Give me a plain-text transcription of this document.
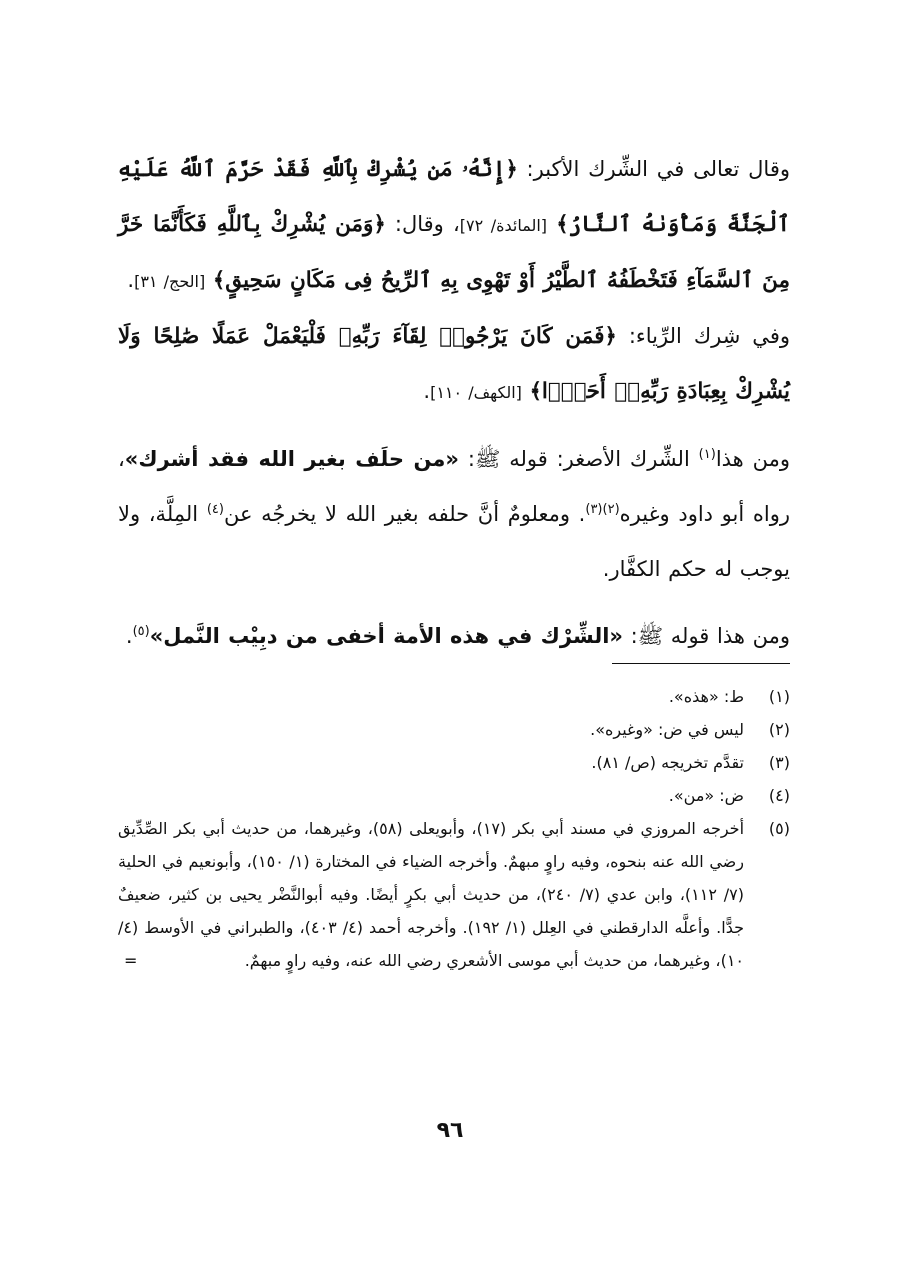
وقال تعالى في الشِّرك الأكبر: ﴿إِنَّهُۥ مَن يُشْرِكْ بِٱللَّهِ فَقَدْ حَرَّمَ ٱللَّهُ عَلَيْهِ ٱلْجَنَّةَ وَمَأْوَىٰهُ ٱلنَّارُ﴾ [المائدة/ ٧٢]، وقال: ﴿وَمَن يُشْرِكْ بِٱللَّهِ فَكَأَنَّمَا خَرَّ مِنَ ٱلسَّمَآءِ فَتَخْطَفُهُ ٱلطَّيْرُ أَوْ تَهْوِى بِهِ ٱلرِّيحُ فِى مَكَانٍ سَحِيقٍ﴾ [الحج/ ٣١].

وفي شِرك الرِّياء: ﴿فَمَن كَانَ يَرْجُوا۟ لِقَآءَ رَبِّهِۦ فَلْيَعْمَلْ عَمَلًا صَٰلِحًا وَلَا يُشْرِكْ بِعِبَادَةِ رَبِّهِۦٓ أَحَدًۢا﴾ [الكهف/ ١١٠].

ومن هذا$^{(١)}$ الشِّرك الأصغر: قوله ﷺ: «من حلَف بغير الله فقد أشرك»، رواه أبو داود وغيره$^{(٢)(٣)}$. ومعلومٌ أنَّ حلفه بغير الله لا يخرجُه عن$^{(٤)}$ المِلَّة، ولا يوجب له حكم الكفَّار.

ومن هذا قوله ﷺ: «الشِّرْك في هذه الأمة أخفى من دبِيْب النَّمل»$^{(٥)}$.

(١)
ط: «هذه».
(٢)
ليس في ض: «وغيره».
(٣)
تقدَّم تخريجه (ص/ ٨١).
(٤)
ض: «من».
(٥)
أخرجه المروزي في مسند أبي بكر (١٧)، وأبويعلى (٥٨)، وغيرهما، من حديث أبي بكر الصِّدِّيق رضي الله عنه بنحوه، وفيه راوٍ مبهمٌ. وأخرجه الضياء في المختارة (١/ ١٥٠)، وأبونعيم في الحلية (٧/ ١١٢)، وابن عدي (٧/ ٢٤٠)، من حديث أبي بكرٍ أيضًا. وفيه أبوالنَّضْر يحيى بن كثير، ضعيفٌ جدًّا. وأعلَّه الدارقطني في العِلل (١/ ١٩٢). وأخرجه أحمد (٤/ ٤٠٣)، والطبراني في الأوسط (٤/ ١٠)، وغيرهما، من حديث أبي موسى الأشعري رضي الله عنه، وفيه راوٍ مبهمٌ.
=
٩٦
